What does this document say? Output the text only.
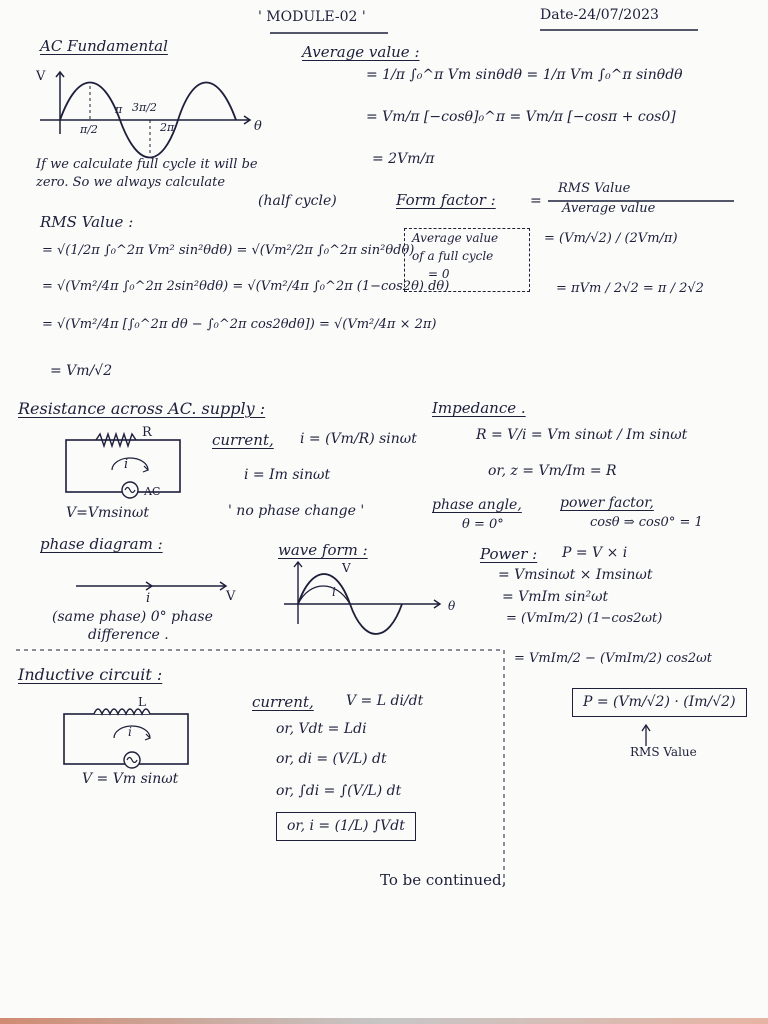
' MODULE-02 '	Date-24/07/2023
AC Fundamental
V
θ
π/2
π 3π/2
2π
If we calculate full cycle it will be
zero. So we always calculate
(half cycle)
Average value :
= 1/π ∫₀^π Vm sinθdθ = 1/π Vm ∫₀^π sinθdθ
= Vm/π [−cosθ]₀^π = Vm/π [−cosπ + cos0]
= 2Vm/π
RMS Value :
= √(1/2π ∫₀^2π Vm² sin²θdθ) = √(Vm²/2π ∫₀^2π sin²θdθ)
= √(Vm²/4π ∫₀^2π 2sin²θdθ) = √(Vm²/4π ∫₀^2π (1−cos2θ) dθ)
= √(Vm²/4π [∫₀^2π dθ − ∫₀^2π cos2θdθ]) = √(Vm²/4π × 2π)
= Vm/√2
Form factor : =
RMS Value
Average value
Average value
of a full cycle
= 0
= (Vm/√2) / (2Vm/π)
= πVm / 2√2 = π / 2√2
Resistance across AC. supply :
R
i
AC
V=Vmsinωt
current, i = (Vm/R) sinωt
i = Im sinωt
' no phase change '
phase diagram :
i	V
(same phase) 0° phase
difference .
wave form :
V
i
θ
Impedance .
R = V/i = Vm sinωt / Im sinωt
or, z = Vm/Im = R
phase angle,
θ = 0°
power factor,
cosθ ⇒ cos0° = 1
Power : P = V × i
= Vmsinωt × Imsinωt
= VmIm sin²ωt
= (VmIm/2) (1−cos2ωt)
= VmIm/2 − (VmIm/2) cos2ωt
P = (Vm/√2) · (Im/√2)
RMS Value
Inductive circuit :
L
i
V = Vm sinωt
current, V = L di/dt
or, Vdt = Ldi
or, di = (V/L) dt
or, ∫di = ∫(V/L) dt
or, i = (1/L) ∫Vdt
To be continued,
